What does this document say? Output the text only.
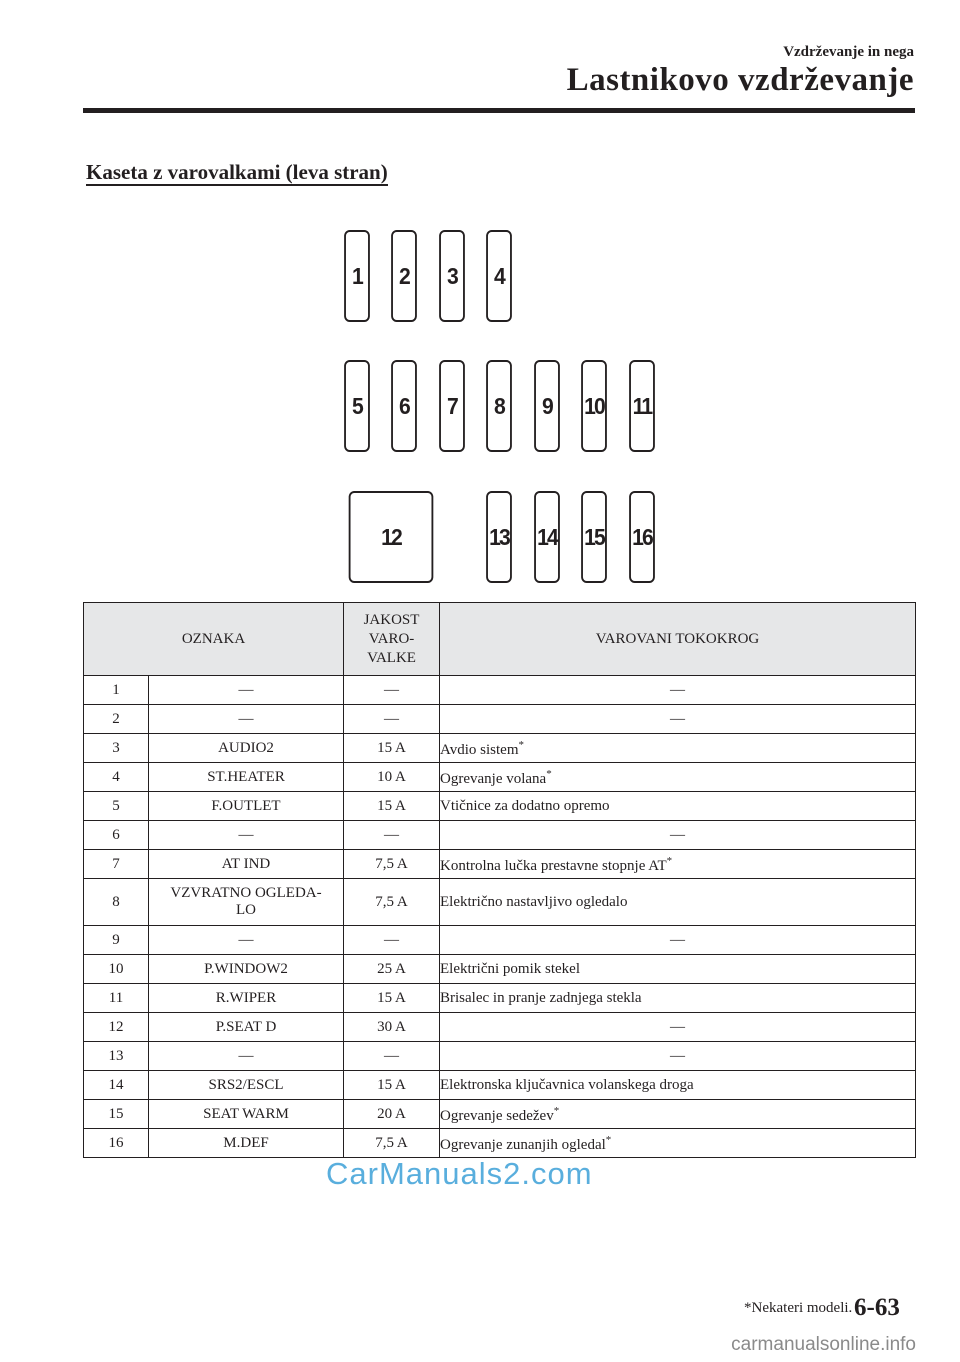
Vzdrževanje in nega
Lastnikovo vzdrževanje
Kaseta z varovalkami (leva stran)
1	2	3	4
5	6	7	8	9	10 11
12	13 14 15 16
OZNAKA		JAKOST
VARO-
VALKE	VAROVANI TOKOKROG
1	―	―	―
2	―	―	―
3	AUDIO2	15 A	Avdio sistem*
4	ST.HEATER	10 A	Ogrevanje volana*
5	F.OUTLET	15 A	Vtičnice za dodatno opremo
6	―	―	―
7	AT IND	7,5 A	Kontrolna lučka prestavne stopnje AT*
8	VZVRATNO OGLEDA-
LO	7,5 A	Električno nastavljivo ogledalo
9	―	―	―
10	P.WINDOW2	25 A	Električni pomik stekel
11	R.WIPER	15 A	Brisalec in pranje zadnjega stekla
12	P.SEAT D	30 A	―
13	―	―	―
14	SRS2/ESCL	15 A	Elektronska ključavnica volanskega droga
15	SEAT WARM	20 A	Ogrevanje sedežev*
16	M.DEF	7,5 A	Ogrevanje zunanjih ogledal*
CarManuals2.com
*Nekateri modeli. 6-63
carmanualsonline.info
